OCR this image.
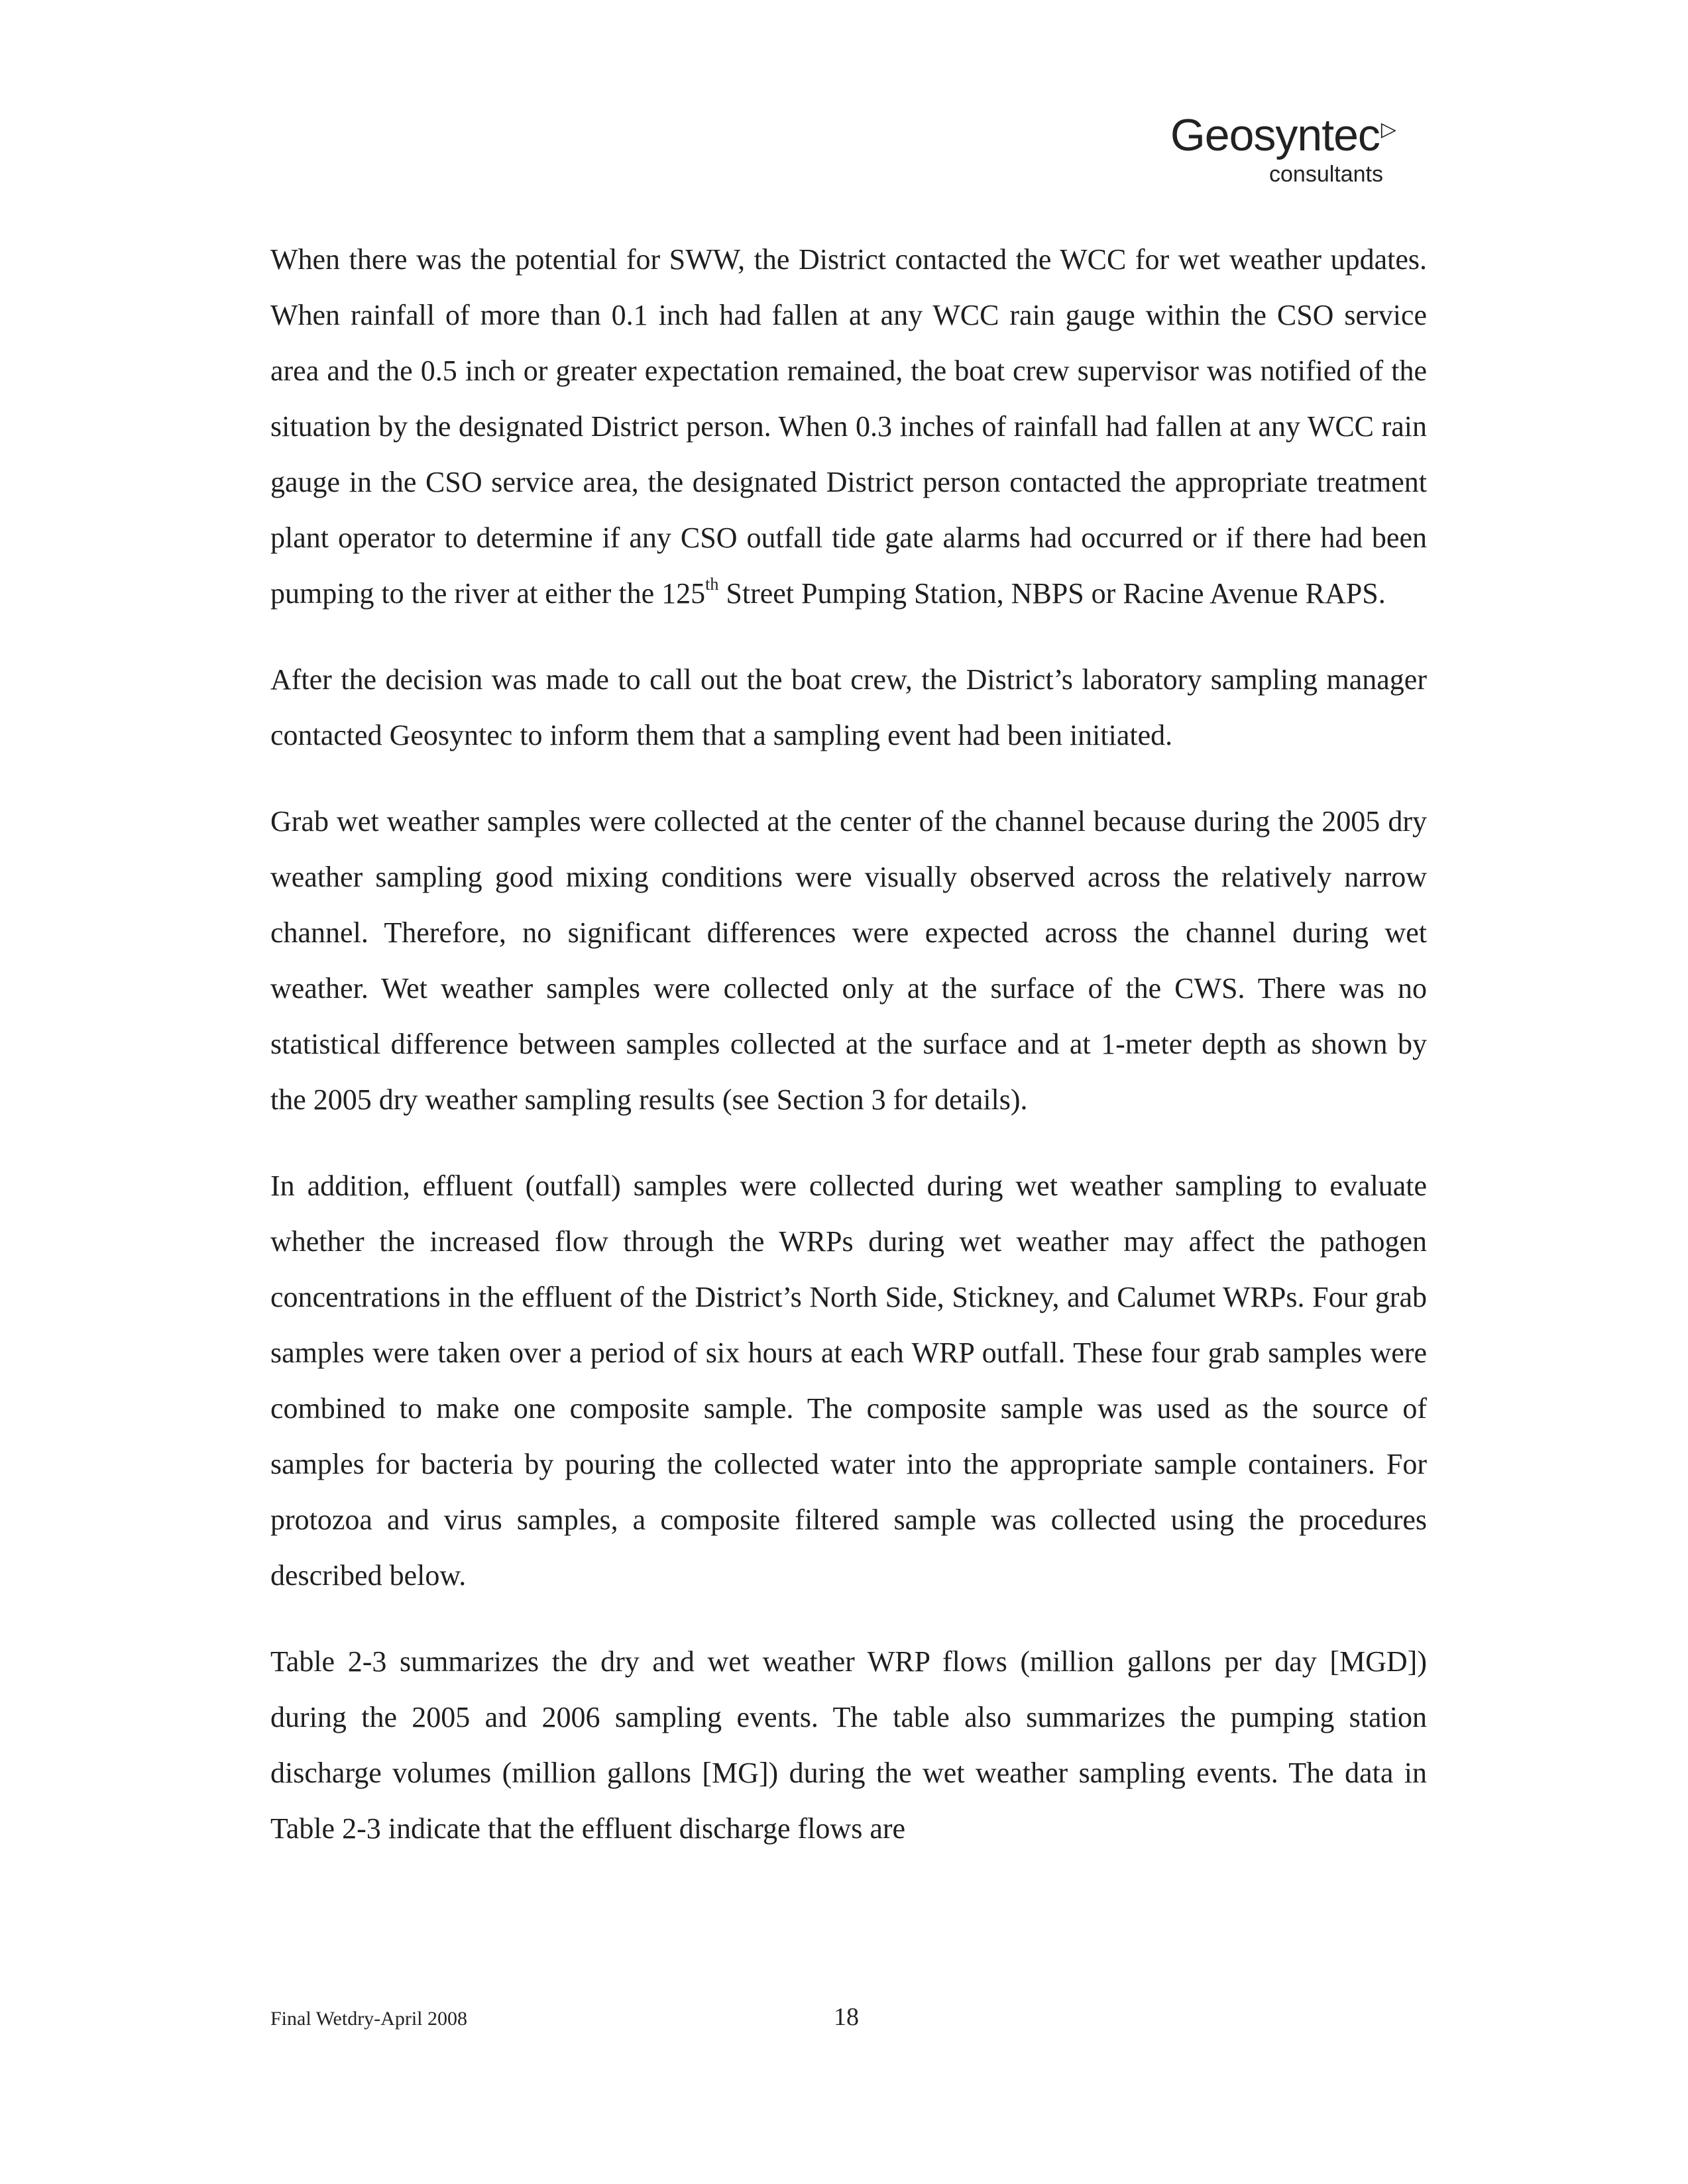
Geosyntec▷
consultants

When there was the potential for SWW, the District contacted the WCC for wet weather updates. When rainfall of more than 0.1 inch had fallen at any WCC rain gauge within the CSO service area and the 0.5 inch or greater expectation remained, the boat crew supervisor was notified of the situation by the designated District person. When 0.3 inches of rainfall had fallen at any WCC rain gauge in the CSO service area, the designated District person contacted the appropriate treatment plant operator to determine if any CSO outfall tide gate alarms had occurred or if there had been pumping to the river at either the 125th Street Pumping Station, NBPS or Racine Avenue RAPS.

After the decision was made to call out the boat crew, the District’s laboratory sampling manager contacted Geosyntec to inform them that a sampling event had been initiated.

Grab wet weather samples were collected at the center of the channel because during the 2005 dry weather sampling good mixing conditions were visually observed across the relatively narrow channel. Therefore, no significant differences were expected across the channel during wet weather. Wet weather samples were collected only at the surface of the CWS. There was no statistical difference between samples collected at the surface and at 1-meter depth as shown by the 2005 dry weather sampling results (see Section 3 for details).

In addition, effluent (outfall) samples were collected during wet weather sampling to evaluate whether the increased flow through the WRPs during wet weather may affect the pathogen concentrations in the effluent of the District’s North Side, Stickney, and Calumet WRPs. Four grab samples were taken over a period of six hours at each WRP outfall. These four grab samples were combined to make one composite sample. The composite sample was used as the source of samples for bacteria by pouring the collected water into the appropriate sample containers. For protozoa and virus samples, a composite filtered sample was collected using the procedures described below.

Table 2-3 summarizes the dry and wet weather WRP flows (million gallons per day [MGD]) during the 2005 and 2006 sampling events. The table also summarizes the pumping station discharge volumes (million gallons [MG]) during the wet weather sampling events. The data in Table 2-3 indicate that the effluent discharge flows are

Final Wetdry-April 2008	18
